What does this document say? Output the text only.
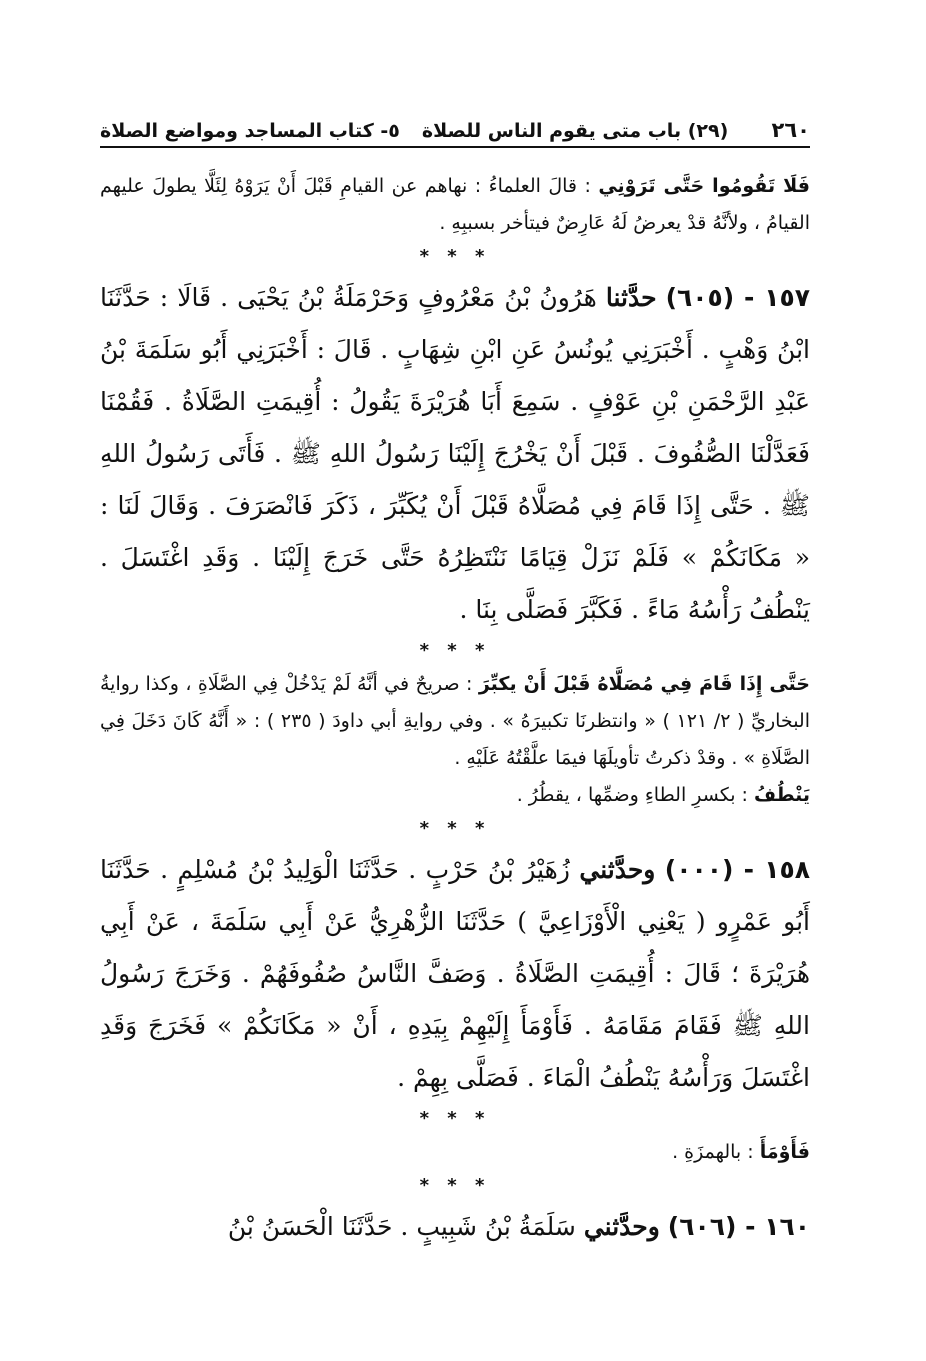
٢٦٠
(٢٩) باب متى يقوم الناس للصلاة
٥- كتاب المساجد ومواضع الصلاة

فَلَا تَقُومُوا حَتَّى تَرَوْنِي : قالَ العلماءُ : نهاهم عن القيامِ قَبْلَ أَنْ يَرَوْهُ لِئَلَّا يطولَ عليهم القيامُ ، ولأنَّهُ قدْ يعرضُ لَهُ عَارِضٌ فيتأخر بسببِهِ .

* * *

١٥٧ - (٦٠٥) حدَّثنا هَرُونُ بْنُ مَعْرُوفٍ وَحَرْمَلَةُ بْنُ يَحْيَى . قَالَا : حَدَّثَنَا ابْنُ وَهْبٍ . أَخْبَرَنِي يُونُسُ عَنِ ابْنِ شِهَابٍ . قَالَ : أَخْبَرَنِي أَبُو سَلَمَةَ بْنُ عَبْدِ الرَّحْمَنِ بْنِ عَوْفٍ . سَمِعَ أَبَا هُرَيْرَةَ يَقُولُ : أُقِيمَتِ الصَّلَاةُ . فَقُمْنَا فَعَدَّلْنَا الصُّفُوفَ . قَبْلَ أَنْ يَخْرُجَ إِلَيْنَا رَسُولُ اللهِ ﷺ . فَأَتَى رَسُولُ اللهِ ﷺ . حَتَّى إِذَا قَامَ فِي مُصَلَّاهُ قَبْلَ أَنْ يُكَبِّرَ ، ذَكَرَ فَانْصَرَفَ . وَقَالَ لَنَا : « مَكَانَكُمْ » فَلَمْ نَزَلْ قِيَامًا نَنْتَظِرُهُ حَتَّى خَرَجَ إِلَيْنَا . وَقَدِ اغْتَسَلَ . يَنْطُفُ رَأْسُهُ مَاءً . فَكَبَّرَ فَصَلَّى بِنَا .

* * *

حَتَّى إِذَا قَامَ فِي مُصَلَّاهُ قَبْلَ أَنْ يكبِّرَ : صريحٌ في أنَّهُ لَمْ يَدْخُلْ فِي الصَّلَاةِ ، وكذا روايةُ البخاريِّ ( ٢/ ١٢١ ) « وانتظرنَا تكبيرَهُ » . وفي روايةِ أبي داودَ ( ٢٣٥ ) : « أَنَّهُ كَانَ دَخَلَ فِي الصَّلَاةِ » . وقدْ ذكرتُ تأويلَهَا فيمَا علَّقْتُهُ عَلَيْهِ .

يَنْطُفُ : بكسرِ الطاءِ وضمِّها ، يقطُرُ .

* * *

١٥٨ - (٠٠٠) وحدَّثني زُهَيْرُ بْنُ حَرْبٍ . حَدَّثَنَا الْوَلِيدُ بْنُ مُسْلِمٍ . حَدَّثَنَا أَبُو عَمْرٍو ( يَعْنِي الْأَوْزَاعِيَّ ) حَدَّثَنَا الزُّهْرِيُّ عَنْ أَبِي سَلَمَةَ ، عَنْ أَبِي هُرَيْرَةَ ؛ قَالَ : أُقِيمَتِ الصَّلَاةُ . وَصَفَّ النَّاسُ صُفُوفَهُمْ . وَخَرَجَ رَسُولُ اللهِ ﷺ فَقَامَ مَقَامَهُ . فَأَوْمَأَ إِلَيْهِمْ بِيَدِهِ ، أَنْ « مَكَانَكُمْ » فَخَرَجَ وَقَدِ اغْتَسَلَ وَرَأْسُهُ يَنْطُفُ الْمَاءَ . فَصَلَّى بِهِمْ .

* * *

فَأَوْمَأَ : بالهمزَةِ .

* * *

١٦٠ - (٦٠٦) وحدَّثني سَلَمَةُ بْنُ شَبِيبٍ . حَدَّثَنَا الْحَسَنُ بْنُ
